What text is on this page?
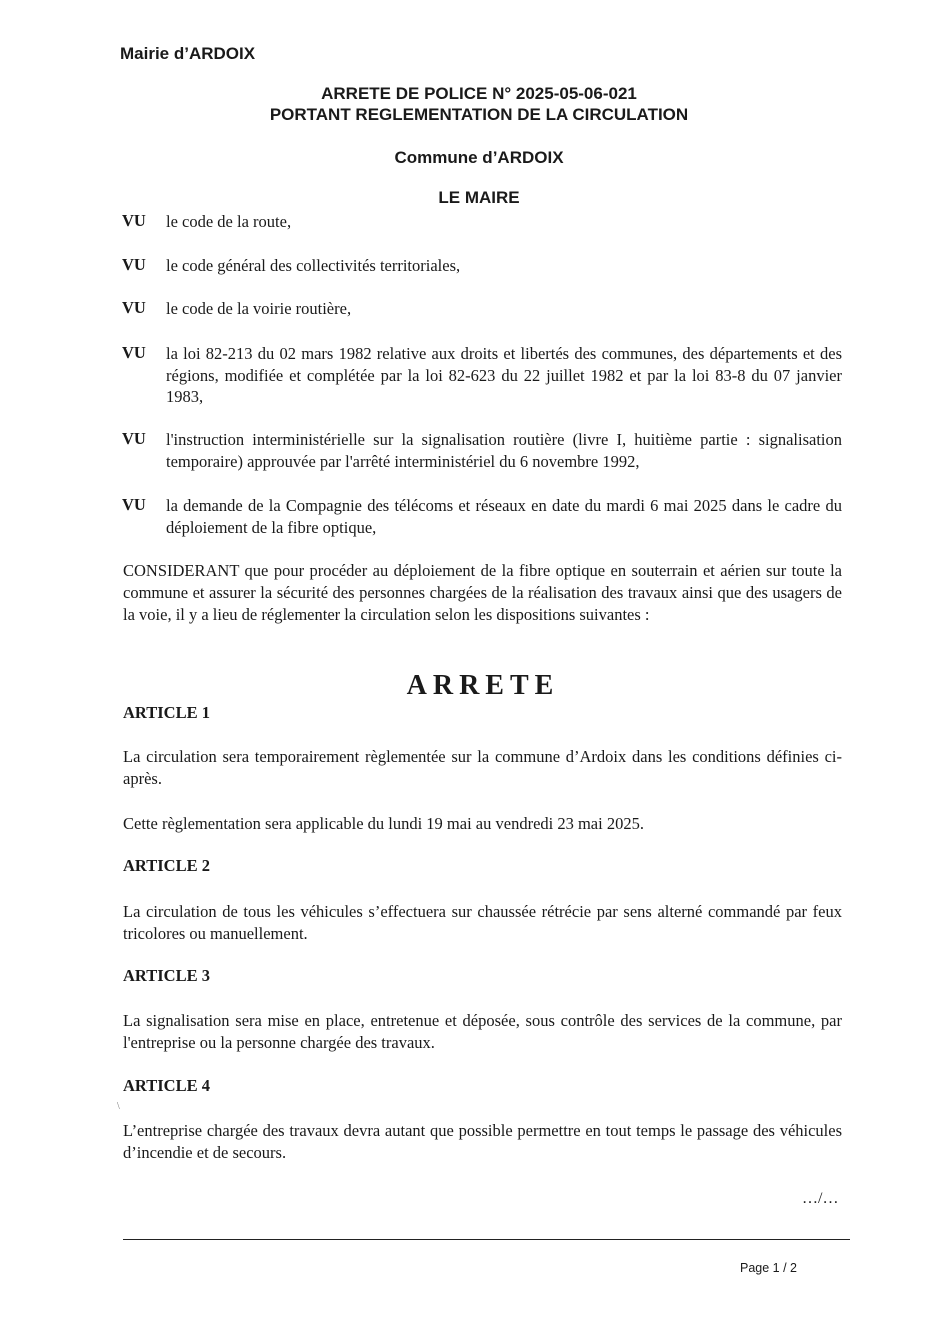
Mairie d’ARDOIX
ARRETE DE POLICE N° 2025-05-06-021
PORTANT REGLEMENTATION DE LA CIRCULATION
Commune d’ARDOIX
LE MAIRE
VU le code de la route,
VU le code général des collectivités territoriales,
VU le code de la voirie routière,
VU la loi 82-213 du 02 mars 1982 relative aux droits et libertés des communes, des départements et des régions, modifiée et complétée par la loi 82-623 du 22 juillet 1982 et par la loi 83-8 du 07 janvier 1983,
VU l'instruction interministérielle sur la signalisation routière (livre I, huitième partie : signalisation temporaire) approuvée par l'arrêté interministériel du 6 novembre 1992,
VU la demande de la Compagnie des télécoms et réseaux en date du mardi 6 mai 2025 dans le cadre du déploiement de la fibre optique,
CONSIDERANT que pour procéder au déploiement de la fibre optique en souterrain et aérien sur toute la commune et assurer la sécurité des personnes chargées de la réalisation des travaux ainsi que des usagers de la voie, il y a lieu de réglementer la circulation selon les dispositions suivantes :
ARRETE
ARTICLE 1
La circulation sera temporairement règlementée sur la commune d’Ardoix dans les conditions définies ci-après.
Cette règlementation sera applicable du lundi 19 mai au vendredi 23 mai 2025.
ARTICLE 2
La circulation de tous les véhicules s’effectuera sur chaussée rétrécie par sens alterné commandé par feux tricolores ou manuellement.
ARTICLE 3
La signalisation sera mise en place, entretenue et déposée, sous contrôle des services de la commune, par l'entreprise ou la personne chargée des travaux.
ARTICLE 4
\
L’entreprise chargée des travaux devra autant que possible permettre en tout temps le passage des véhicules d’incendie et de secours.
…/…
Page 1 / 2
